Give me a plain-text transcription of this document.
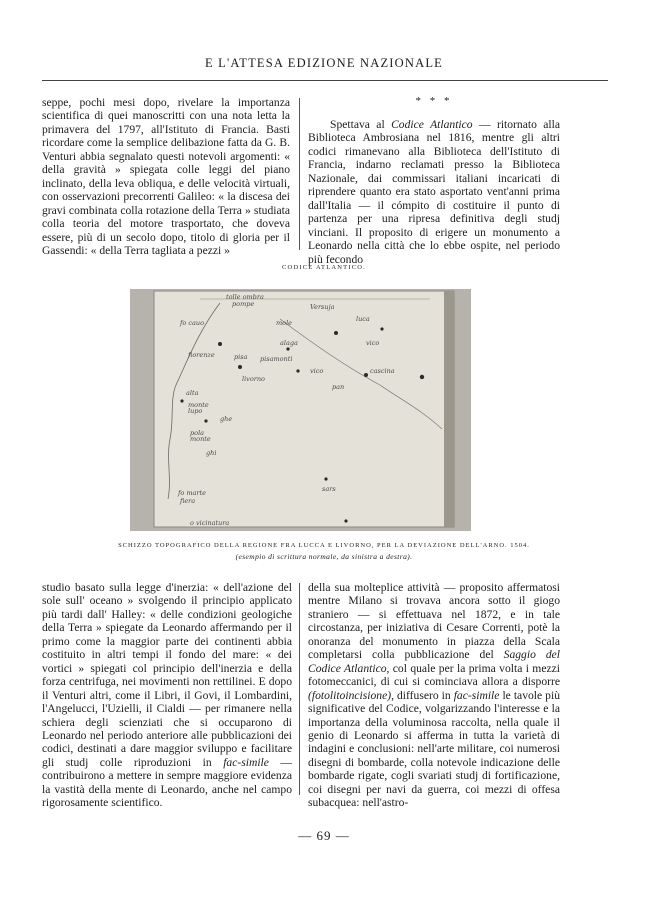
E L'ATTESA EDIZIONE NAZIONALE

seppe, pochi mesi dopo, rivelare la importanza scientifica di quei manoscritti con una nota letta la primavera del 1797, all'Istituto di Francia. Basti ricordare come la semplice delibazione fatta da G. B. Venturi abbia segnalato questi notevoli argomenti: « della gravità » spiegata colle leggi del piano inclinato, della leva obliqua, e delle velocità virtuali, con osservazioni precorrenti Galileo: « la discesa dei gravi combinata colla rotazione della Terra » studiata colla teoria del motore trasportato, che doveva essere, più di un secolo dopo, titolo di gloria per il Gassendi: « della Terra tagliata a pezzi »

* * *

Spettava al Codice Atlantico — ritornato alla Biblioteca Ambrosiana nel 1816, mentre gli altri codici rimanevano alla Biblioteca dell'Istituto di Francia, indarno reclamati presso la Biblioteca Nazionale, dai commissari italiani incaricati di riprendere quanto era stato asportato vent'anni prima dall'Italia — il cómpito di costituire il punto di partenza per una ripresa definitiva degli studj vinciani. Il proposito di erigere un monumento a Leonardo nella città che lo ebbe ospite, nel periodo più fecondo

CODICE ATLANTICO.
tolle ombra
pompe	Versuja
fo cauo	mole	luca
alaga	vico
fiorenze	pisa pisamonti
vico	cascina
livorno
pan
alta
monte
lupo
ghe
pola
monte
ghi
fo marte
fiera
sars
o vicinatura
SCHIZZO TOPOGRAFICO DELLA REGIONE FRA LUCCA E LIVORNO, PER LA DEVIAZIONE DELL'ARNO. 1504.
(esempio di scrittura normale, da sinistra a destra).

studio basato sulla legge d'inerzia: « dell'azione del sole sull' oceano » svolgendo il principio applicato più tardi dall' Halley: « delle condizioni geologiche della Terra » spiegate da Leonardo affermando per il primo come la maggior parte dei continenti abbia costituito in altri tempi il fondo del mare: « dei vortici » spiegati col principio dell'inerzia e della forza centrifuga, nei movimenti non rettilinei. E dopo il Venturi altri, come il Libri, il Govi, il Lombardini, l'Angelucci, l'Uzielli, il Cialdi — per rimanere nella schiera degli scienziati che si occuparono di Leonardo nel periodo anteriore alle pubblicazioni dei codici, destinati a dare maggior sviluppo e facilitare gli studj colle riproduzioni in fac-simile — contribuirono a mettere in sempre maggiore evidenza la vastità della mente di Leonardo, anche nel campo rigorosamente scientifico.

della sua molteplice attività — proposito affermatosi mentre Milano si trovava ancora sotto il giogo straniero — si effettuava nel 1872, e in tale circostanza, per iniziativa di Cesare Correnti, potè la onoranza del monumento in piazza della Scala completarsi colla pubblicazione del Saggio del Codice Atlantico, col quale per la prima volta i mezzi fotomeccanici, di cui si cominciava allora a disporre (fotolitoincisione), diffusero in fac-simile le tavole più significative del Codice, volgarizzando l'interesse e la importanza della voluminosa raccolta, nella quale il genio di Leonardo si afferma in tutta la varietà di indagini e conclusioni: nell'arte militare, coi numerosi disegni di bombarde, colla notevole indicazione delle bombarde rigate, cogli svariati studj di fortificazione, coi disegni per navi da guerra, coi mezzi di offesa subacquea: nell'astro-

— 69 —
